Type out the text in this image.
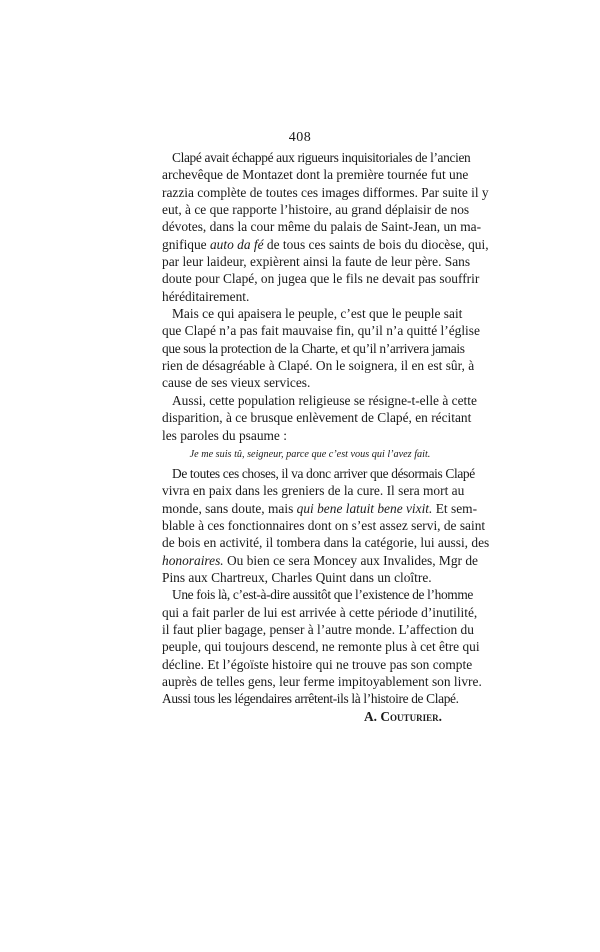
408
Clapé avait échappé aux rigueurs inquisitoriales de l’ancien
archevêque de Montazet dont la première tournée fut une
razzia complète de toutes ces images difformes. Par suite il y
eut, à ce que rapporte l’histoire, au grand déplaisir de nos
dévotes, dans la cour même du palais de Saint-Jean, un ma-
gnifique auto da fé de tous ces saints de bois du diocèse, qui,
par leur laideur, expièrent ainsi la faute de leur père. Sans
doute pour Clapé, on jugea que le fils ne devait pas souffrir
héréditairement.
Mais ce qui apaisera le peuple, c’est que le peuple sait
que Clapé n’a pas fait mauvaise fin, qu’il n’a quitté l’église
que sous la protection de la Charte, et qu’il n’arrivera jamais
rien de désagréable à Clapé. On le soignera, il en est sûr, à
cause de ses vieux services.
Aussi, cette population religieuse se résigne-t-elle à cette
disparition, à ce brusque enlèvement de Clapé, en récitant
les paroles du psaume :
Je me suis tû, seigneur, parce que c’est vous qui l’avez fait.
De toutes ces choses, il va donc arriver que désormais Clapé
vivra en paix dans les greniers de la cure. Il sera mort au
monde, sans doute, mais qui bene latuit bene vixit. Et sem-
blable à ces fonctionnaires dont on s’est assez servi, de saint
de bois en activité, il tombera dans la catégorie, lui aussi, des
honoraires. Ou bien ce sera Moncey aux Invalides, Mgr de
Pins aux Chartreux, Charles Quint dans un cloître.
Une fois là, c’est-à-dire aussitôt que l’existence de l’homme
qui a fait parler de lui est arrivée à cette période d’inutilité,
il faut plier bagage, penser à l’autre monde. L’affection du
peuple, qui toujours descend, ne remonte plus à cet être qui
décline. Et l’égoïste histoire qui ne trouve pas son compte
auprès de telles gens, leur ferme impitoyablement son livre.
Aussi tous les légendaires arrêtent-ils là l’histoire de Clapé.
A. Couturier.
